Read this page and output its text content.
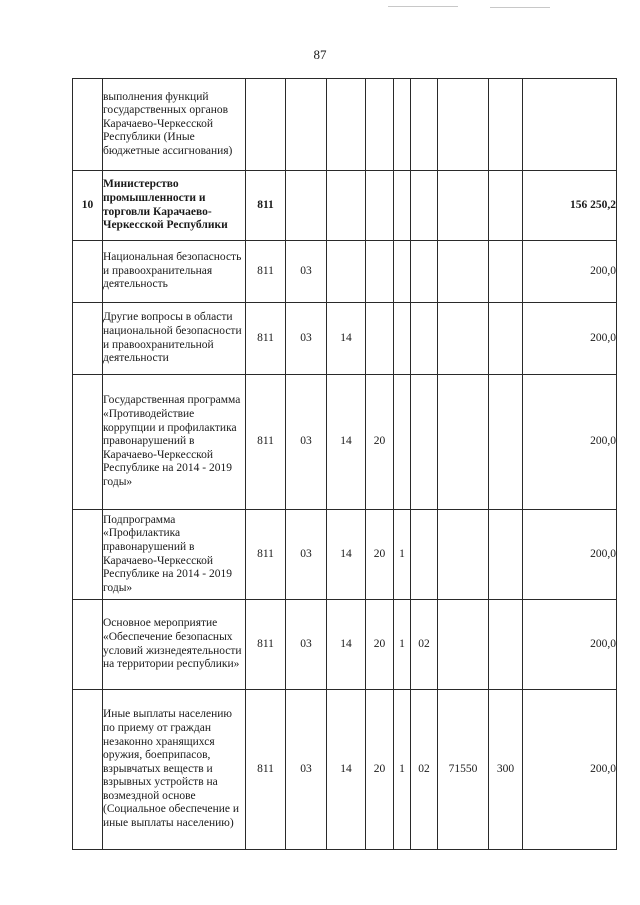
87
	выполнения функций государственных органов Карачаево-Черкесской Республики (Иные бюджетные ассигнования)									
10	Министерство промышленности и торговли Карачаево-Черкесской Республики	811								156 250,2
	Национальная безопасность и правоохранительная деятельность	811	03							200,0
	Другие вопросы в области национальной безопасности и правоохранительной деятельности	811	03	14						200,0
	Государственная программа «Противодействие коррупции и профилактика правонарушений в Карачаево-Черкесской Республике на 2014 - 2019 годы»	811	03	14	20					200,0
	Подпрограмма «Профилактика правонарушений в Карачаево-Черкесской Республике на 2014 - 2019 годы»	811	03	14	20	1				200,0
	Основное мероприятие «Обеспечение безопасных условий жизнедеятельности на территории республики»	811	03	14	20	1	02			200,0
	Иные выплаты населению по приему от граждан незаконно хранящихся оружия, боеприпасов, взрывчатых веществ и взрывных устройств на возмездной основе (Социальное обеспечение и иные выплаты населению)	811	03	14	20	1	02	71550	300	200,0
